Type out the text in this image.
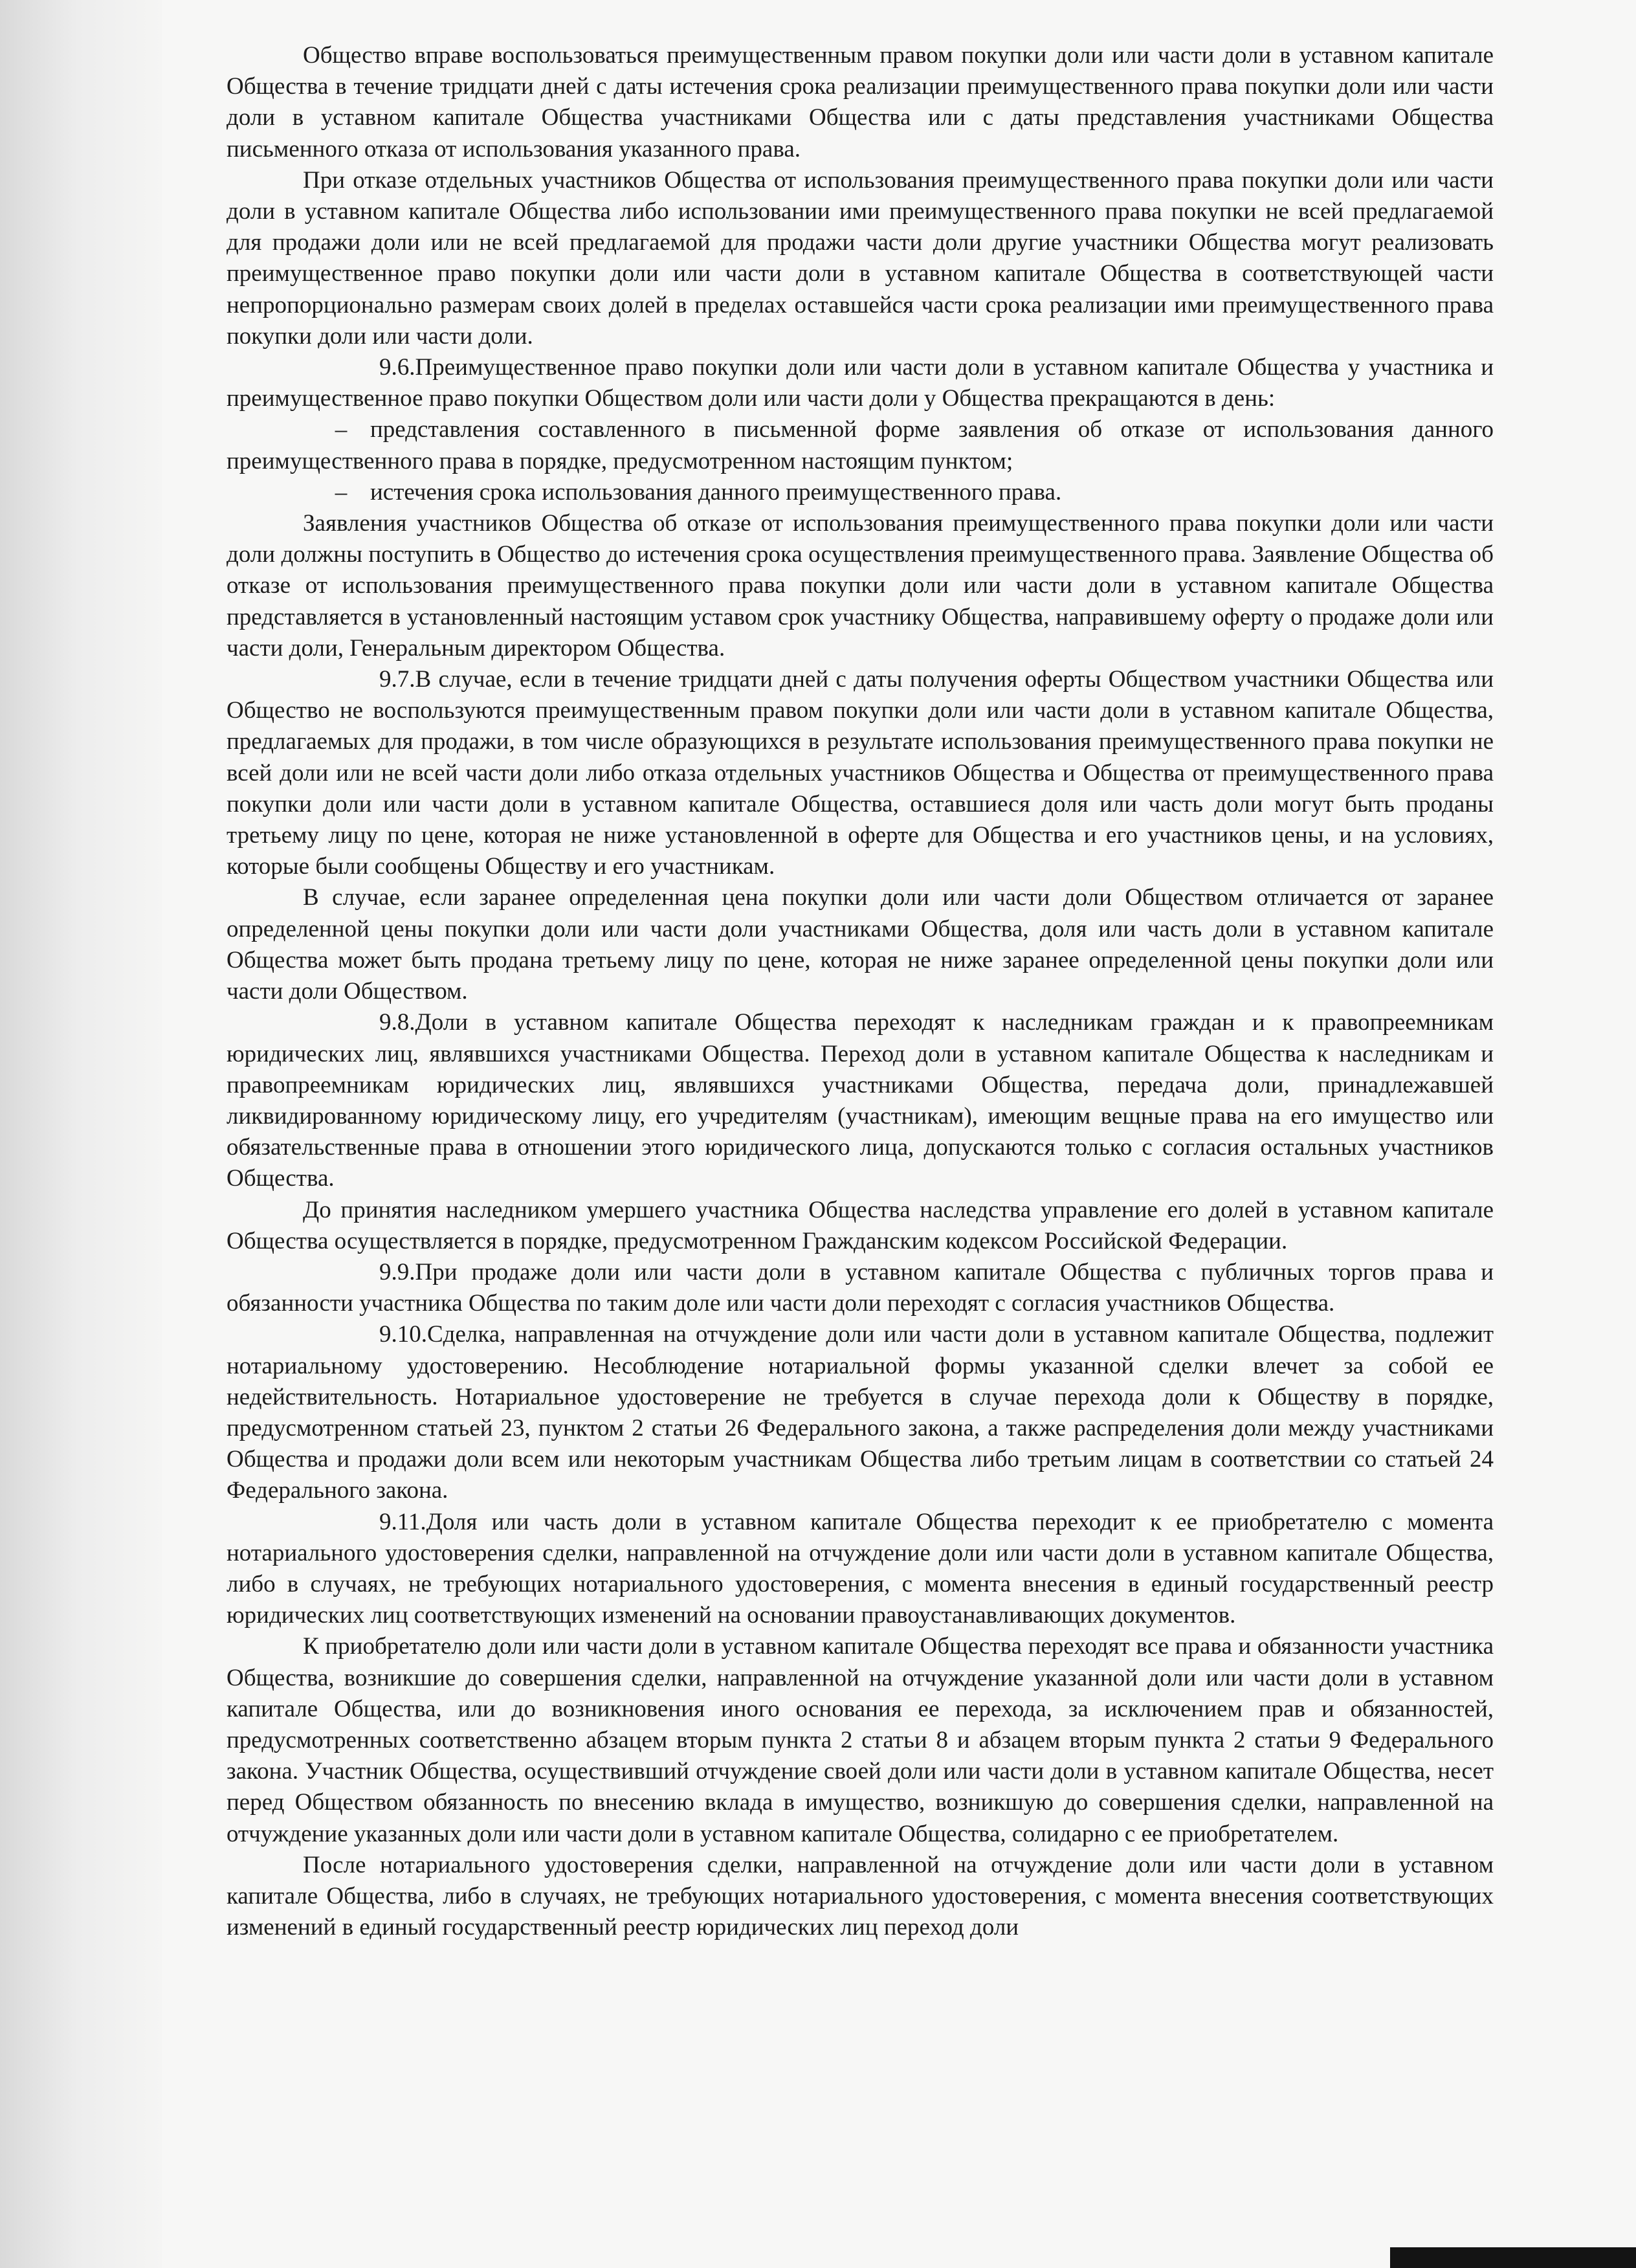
Общество вправе воспользоваться преимущественным правом покупки доли или части доли в уставном капитале Общества в течение тридцати дней с даты истечения срока реализации преимущественного права покупки доли или части доли в уставном капитале Общества участниками Общества или с даты представления участниками Общества письменного отказа от использования указанного права.

При отказе отдельных участников Общества от использования преимущественного права покупки доли или части доли в уставном капитале Общества либо использовании ими преимущественного права покупки не всей предлагаемой для продажи доли или не всей предлагаемой для продажи части доли другие участники Общества могут реализовать преимущественное право покупки доли или части доли в уставном капитале Общества в соответствующей части непропорционально размерам своих долей в пределах оставшейся части срока реализации ими преимущественного права покупки доли или части доли.

9.6.Преимущественное право покупки доли или части доли в уставном капитале Общества у участника и преимущественное право покупки Обществом доли или части доли у Общества прекращаются в день:

– представления составленного в письменной форме заявления об отказе от использования данного преимущественного права в порядке, предусмотренном настоящим пунктом;

– истечения срока использования данного преимущественного права.

Заявления участников Общества об отказе от использования преимущественного права покупки доли или части доли должны поступить в Общество до истечения срока осуществления преимущественного права. Заявление Общества об отказе от использования преимущественного права покупки доли или части доли в уставном капитале Общества представляется в установленный настоящим уставом срок участнику Общества, направившему оферту о продаже доли или части доли, Генеральным директором Общества.

9.7.В случае, если в течение тридцати дней с даты получения оферты Обществом участники Общества или Общество не воспользуются преимущественным правом покупки доли или части доли в уставном капитале Общества, предлагаемых для продажи, в том числе образующихся в результате использования преимущественного права покупки не всей доли или не всей части доли либо отказа отдельных участников Общества и Общества от преимущественного права покупки доли или части доли в уставном капитале Общества, оставшиеся доля или часть доли могут быть проданы третьему лицу по цене, которая не ниже установленной в оферте для Общества и его участников цены, и на условиях, которые были сообщены Обществу и его участникам.

В случае, если заранее определенная цена покупки доли или части доли Обществом отличается от заранее определенной цены покупки доли или части доли участниками Общества, доля или часть доли в уставном капитале Общества может быть продана третьему лицу по цене, которая не ниже заранее определенной цены покупки доли или части доли Обществом.

9.8.Доли в уставном капитале Общества переходят к наследникам граждан и к правопреемникам юридических лиц, являвшихся участниками Общества. Переход доли в уставном капитале Общества к наследникам и правопреемникам юридических лиц, являвшихся участниками Общества, передача доли, принадлежавшей ликвидированному юридическому лицу, его учредителям (участникам), имеющим вещные права на его имущество или обязательственные права в отношении этого юридического лица, допускаются только с согласия остальных участников Общества.

До принятия наследником умершего участника Общества наследства управление его долей в уставном капитале Общества осуществляется в порядке, предусмотренном Гражданским кодексом Российской Федерации.

9.9.При продаже доли или части доли в уставном капитале Общества с публичных торгов права и обязанности участника Общества по таким доле или части доли переходят с согласия участников Общества.

9.10.Сделка, направленная на отчуждение доли или части доли в уставном капитале Общества, подлежит нотариальному удостоверению. Несоблюдение нотариальной формы указанной сделки влечет за собой ее недействительность. Нотариальное удостоверение не требуется в случае перехода доли к Обществу в порядке, предусмотренном статьей 23, пунктом 2 статьи 26 Федерального закона, а также распределения доли между участниками Общества и продажи доли всем или некоторым участникам Общества либо третьим лицам в соответствии со статьей 24 Федерального закона.

9.11.Доля или часть доли в уставном капитале Общества переходит к ее приобретателю с момента нотариального удостоверения сделки, направленной на отчуждение доли или части доли в уставном капитале Общества, либо в случаях, не требующих нотариального удостоверения, с момента внесения в единый государственный реестр юридических лиц соответствующих изменений на основании правоустанавливающих документов.

К приобретателю доли или части доли в уставном капитале Общества переходят все права и обязанности участника Общества, возникшие до совершения сделки, направленной на отчуждение указанной доли или части доли в уставном капитале Общества, или до возникновения иного основания ее перехода, за исключением прав и обязанностей, предусмотренных соответственно абзацем вторым пункта 2 статьи 8 и абзацем вторым пункта 2 статьи 9 Федерального закона. Участник Общества, осуществивший отчуждение своей доли или части доли в уставном капитале Общества, несет перед Обществом обязанность по внесению вклада в имущество, возникшую до совершения сделки, направленной на отчуждение указанных доли или части доли в уставном капитале Общества, солидарно с ее приобретателем.

После нотариального удостоверения сделки, направленной на отчуждение доли или части доли в уставном капитале Общества, либо в случаях, не требующих нотариального удостоверения, с момента внесения соответствующих изменений в единый государственный реестр юридических лиц переход доли
